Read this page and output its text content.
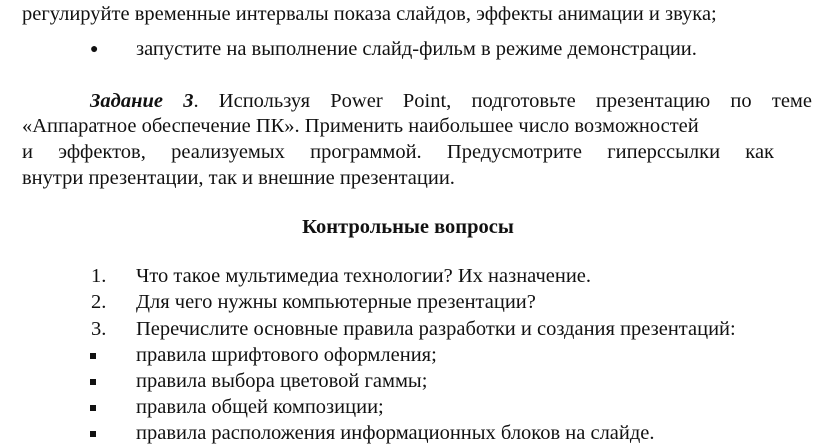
регулируйте временные интервалы показа слайдов, эффекты анимации и звука;
● запустите на выполнение слайд-фильм в режиме демонстрации.
Задание 3. Используя Power Point, подготовьте презентацию по теме
«Аппаратное обеспечение ПК». Применить наибольшее число возможностей
и эффектов, реализуемых программой. Предусмотрите гиперссылки как
внутри презентации, так и внешние презентации.
Контрольные вопросы
1. Что такое мультимедиа технологии? Их назначение.
2. Для чего нужны компьютерные презентации?
3. Перечислите основные правила разработки и создания презентаций:
правила шрифтового оформления;
правила выбора цветовой гаммы;
правила общей композиции;
правила расположения информационных блоков на слайде.
